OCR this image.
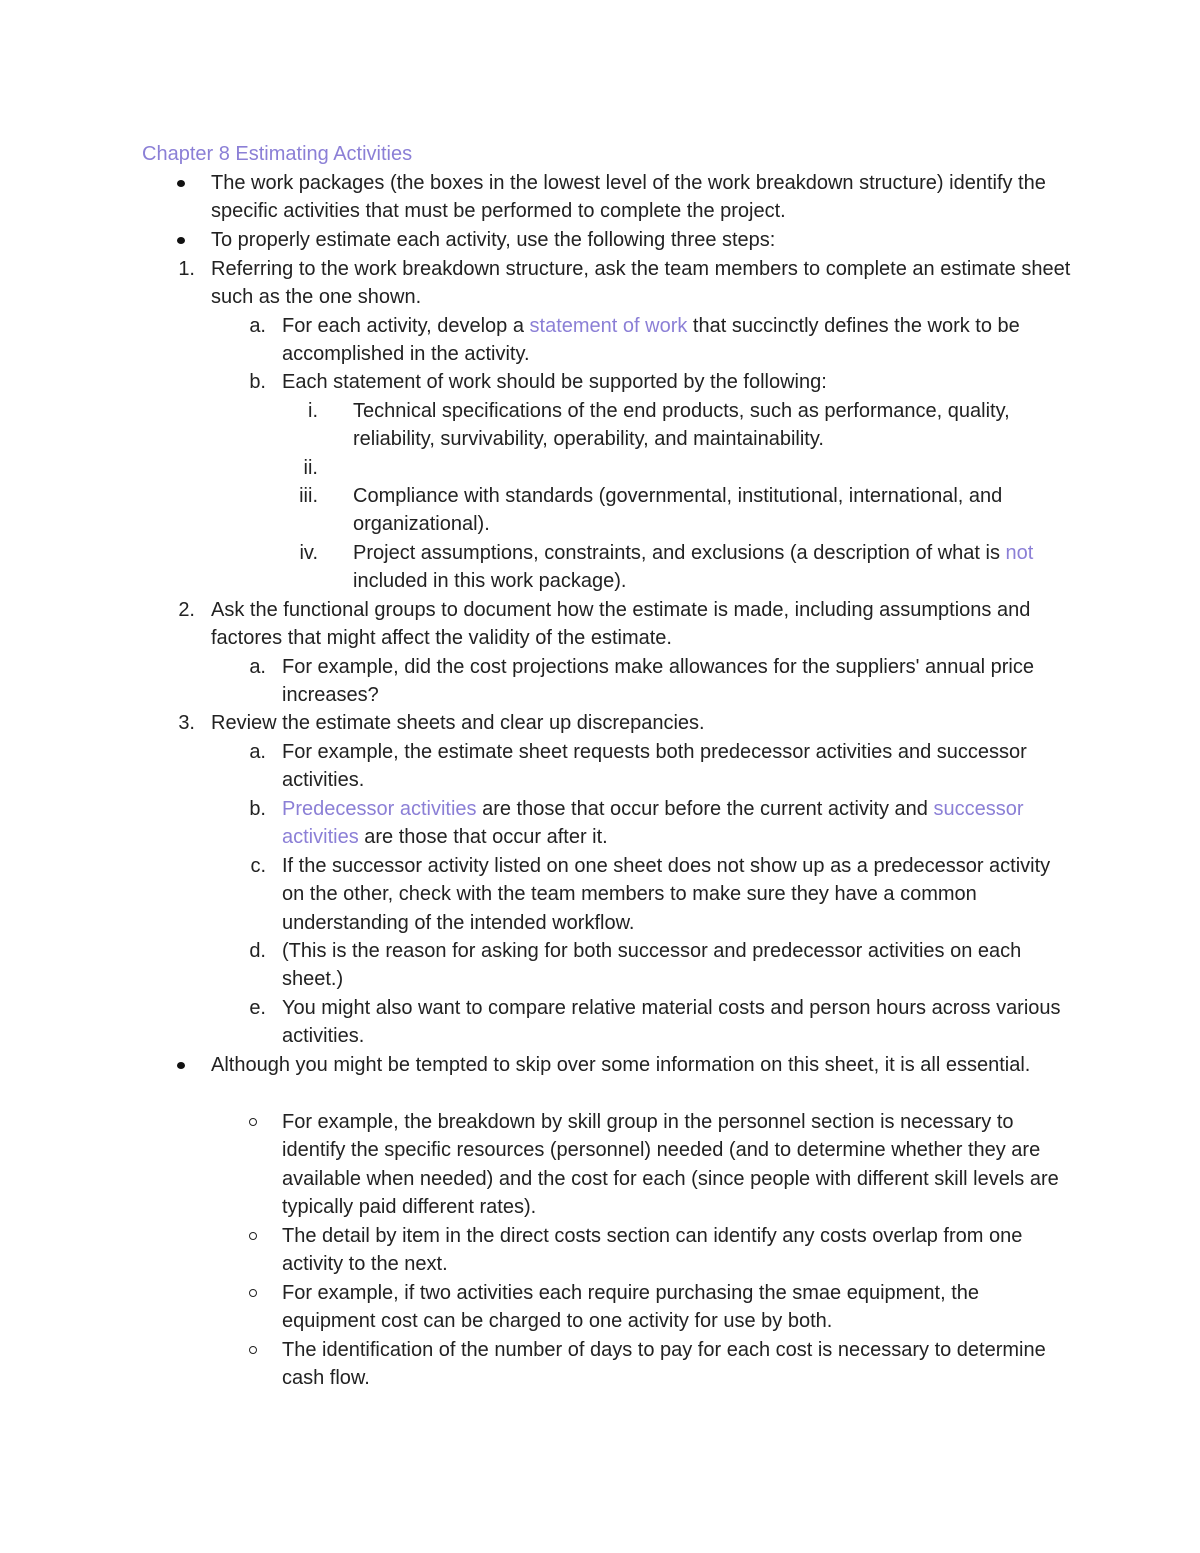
Chapter 8 Estimating Activities
The work packages (the boxes in the lowest level of the work breakdown structure) identify the specific activities that must be performed to complete the project.
To properly estimate each activity, use the following three steps:
1. Referring to the work breakdown structure, ask the team members to complete an estimate sheet such as the one shown.
a. For each activity, develop a statement of work that succinctly defines the work to be accomplished in the activity.
b. Each statement of work should be supported by the following:
i. Technical specifications of the end products, such as performance, quality, reliability, survivability, operability, and maintainability.
ii.
iii. Compliance with standards (governmental, institutional, international, and organizational).
iv. Project assumptions, constraints, and exclusions (a description of what is not included in this work package).
2. Ask the functional groups to document how the estimate is made, including assumptions and factores that might affect the validity of the estimate.
a. For example, did the cost projections make allowances for the suppliers' annual price increases?
3. Review the estimate sheets and clear up discrepancies.
a. For example, the estimate sheet requests both predecessor activities and successor activities.
b. Predecessor activities are those that occur before the current activity and successor activities are those that occur after it.
c. If the successor activity listed on one sheet does not show up as a predecessor activity on the other, check with the team members to make sure they have a common understanding of the intended workflow.
d. (This is the reason for asking for both successor and predecessor activities on each sheet.)
e. You might also want to compare relative material costs and person hours across various activities.
Although you might be tempted to skip over some information on this sheet, it is all essential.
For example, the breakdown by skill group in the personnel section is necessary to identify the specific resources (personnel) needed (and to determine whether they are available when needed) and the cost for each (since people with different skill levels are typically paid different rates).
The detail by item in the direct costs section can identify any costs overlap from one activity to the next.
For example, if two activities each require purchasing the smae equipment, the equipment cost can be charged to one activity for use by both.
The identification of the number of days to pay for each cost is necessary to determine cash flow.
